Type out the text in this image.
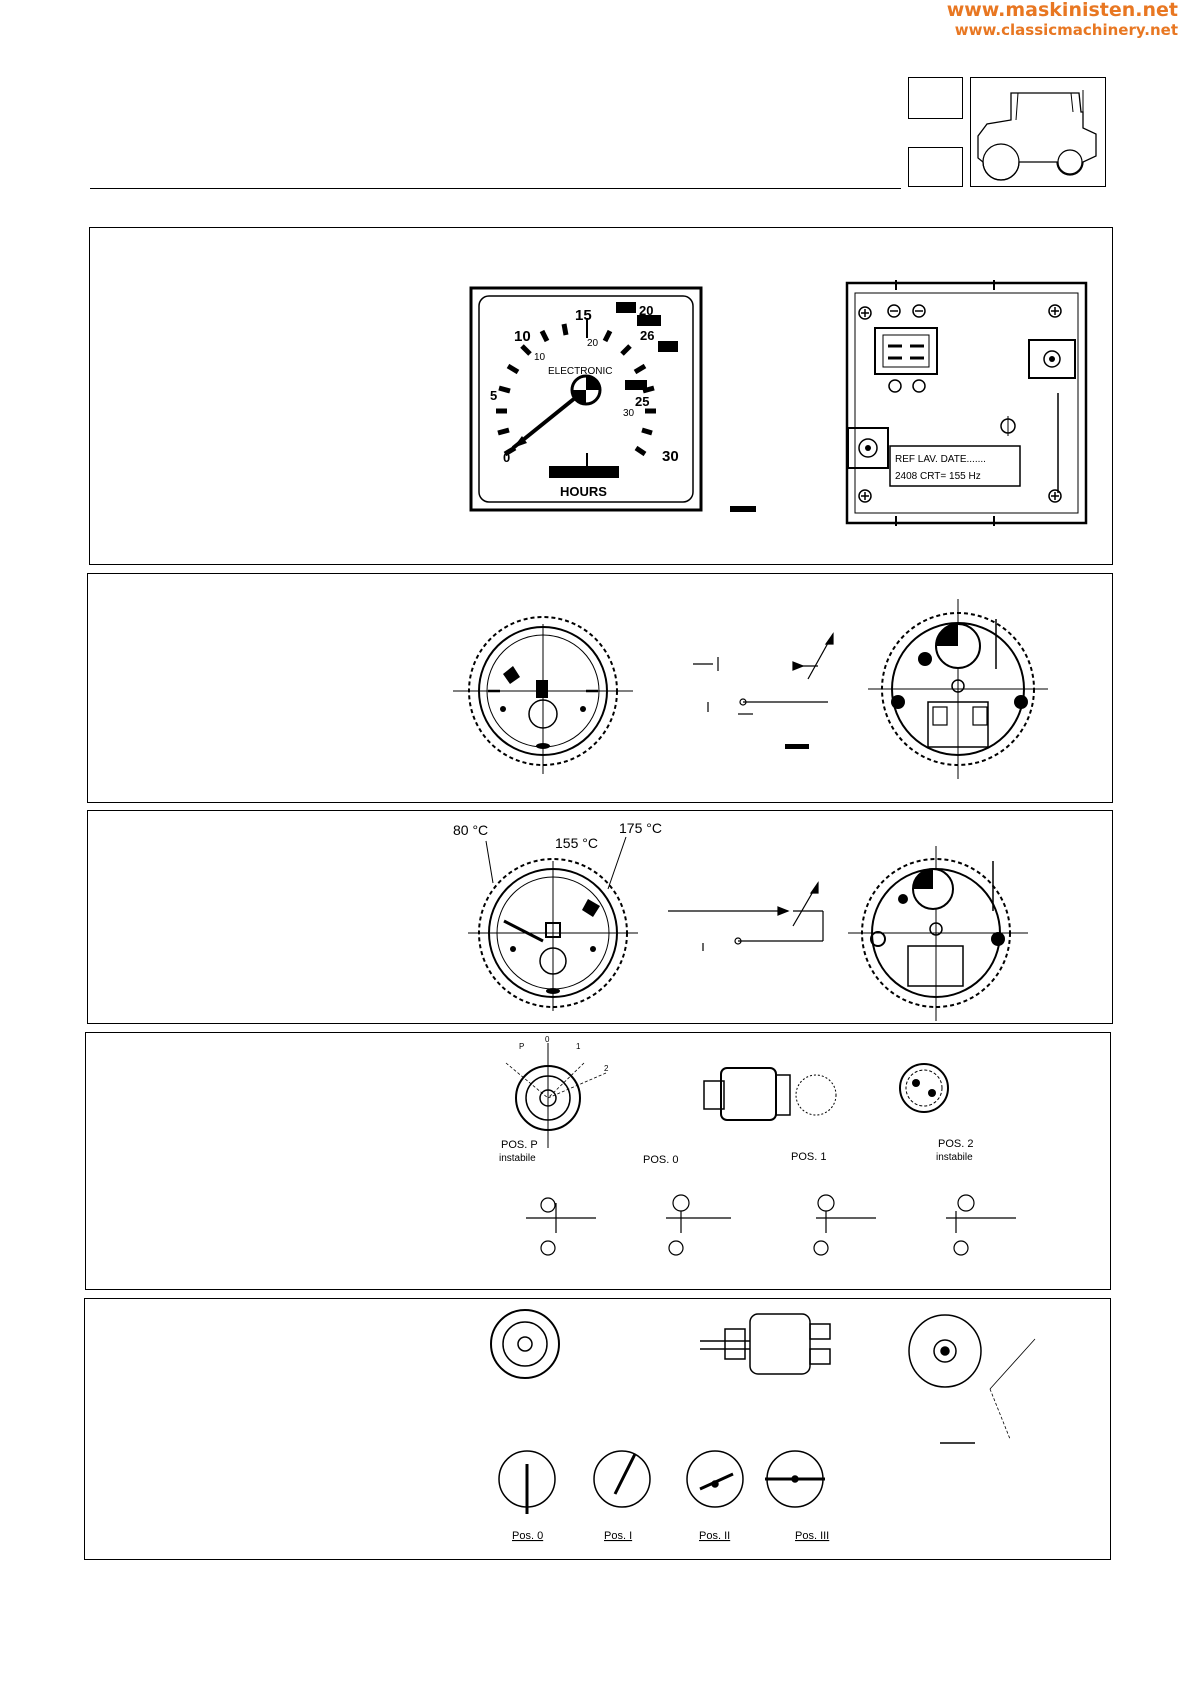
www.maskinisten.net
www.classicmachinery.net
0
5
10
15	20
25
30
10
20
26
30
ELECTRONIC
HOURS
REF LAV. DATE.......
2408 CRT= 155 Hz
80 °C
155 °C
175 °C
P
0
1
2
POS. P
instabile	POS. 0	POS. 1
POS. 2
instabile
Pos. 0	Pos. I	Pos. II	Pos. III
